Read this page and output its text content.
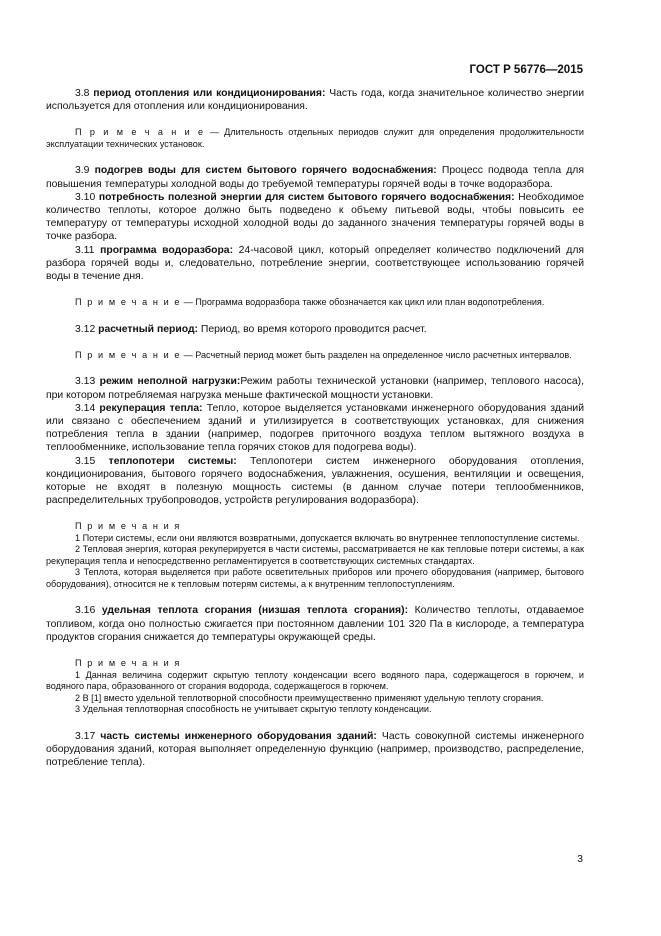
ГОСТ Р 56776—2015

3.8 период отопления или кондиционирования: Часть года, когда значительное количество энергии используется для отопления или кондиционирования.

П р и м е ч а н и е — Длительность отдельных периодов служит для определения продолжительности эксплуатации технических установок.

3.9 подогрев воды для систем бытового горячего водоснабжения: Процесс подвода тепла для повышения температуры холодной воды до требуемой температуры горячей воды в точке водоразбора.

3.10 потребность полезной энергии для систем бытового горячего водоснабжения: Необходимое количество теплоты, которое должно быть подведено к объему питьевой воды, чтобы повысить ее температуру от температуры исходной холодной воды до заданного значения температуры горячей воды в точке разбора.

3.11 программа водоразбора: 24-часовой цикл, который определяет количество подключений для разбора горячей воды и, следовательно, потребление энергии, соответствующее использованию горячей воды в течение дня.

П р и м е ч а н и е — Программа водоразбора также обозначается как цикл или план водопотребления.

3.12 расчетный период: Период, во время которого проводится расчет.

П р и м е ч а н и е — Расчетный период может быть разделен на определенное число расчетных интервалов.

3.13 режим неполной нагрузки:Режим работы технической установки (например, теплового насоса), при котором потребляемая нагрузка меньше фактической мощности установки.

3.14 рекуперация тепла: Тепло, которое выделяется установками инженерного оборудования зданий или связано с обеспечением зданий и утилизируется в соответствующих установках, для снижения потребления тепла в здании (например, подогрев приточного воздуха теплом вытяжного воздуха в теплообменнике, использование тепла горячих стоков для подогрева воды).

3.15 теплопотери системы: Теплопотери систем инженерного оборудования отопления, кондиционирования, бытового горячего водоснабжения, увлажнения, осушения, вентиляции и освещения, которые не входят в полезную мощность системы (в данном случае потери теплообменников, распределительных трубопроводов, устройств регулирования водоразбора).

П р и м е ч а н и я

1 Потери системы, если они являются возвратными, допускается включать во внутреннее теплопоступление системы.

2 Тепловая энергия, которая рекуперируется в части системы, рассматривается не как тепловые потери системы, а как рекуперация тепла и непосредственно регламентируется в соответствующих системных стандартах.

3 Теплота, которая выделяется при работе осветительных приборов или прочего оборудования (например, бытового оборудования), относится не к тепловым потерям системы, а к внутренним теплопоступлениям.

3.16 удельная теплота сгорания (низшая теплота сгорания): Количество теплоты, отдаваемое топливом, когда оно полностью сжигается при постоянном давлении 101 320 Па в кислороде, а температура продуктов сгорания снижается до температуры окружающей среды.

П р и м е ч а н и я

1 Данная величина содержит скрытую теплоту конденсации всего водяного пара, содержащегося в горючем, и водяного пара, образованного от сгорания водорода, содержащегося в горючем.

2 В [1] вместо удельной теплотворной способности преимущественно применяют удельную теплоту сгорания.

3 Удельная теплотворная способность не учитывает скрытую теплоту конденсации.

3.17 часть системы инженерного оборудования зданий: Часть совокупной системы инженерного оборудования зданий, которая выполняет определенную функцию (например, производство, распределение, потребление тепла).

3
